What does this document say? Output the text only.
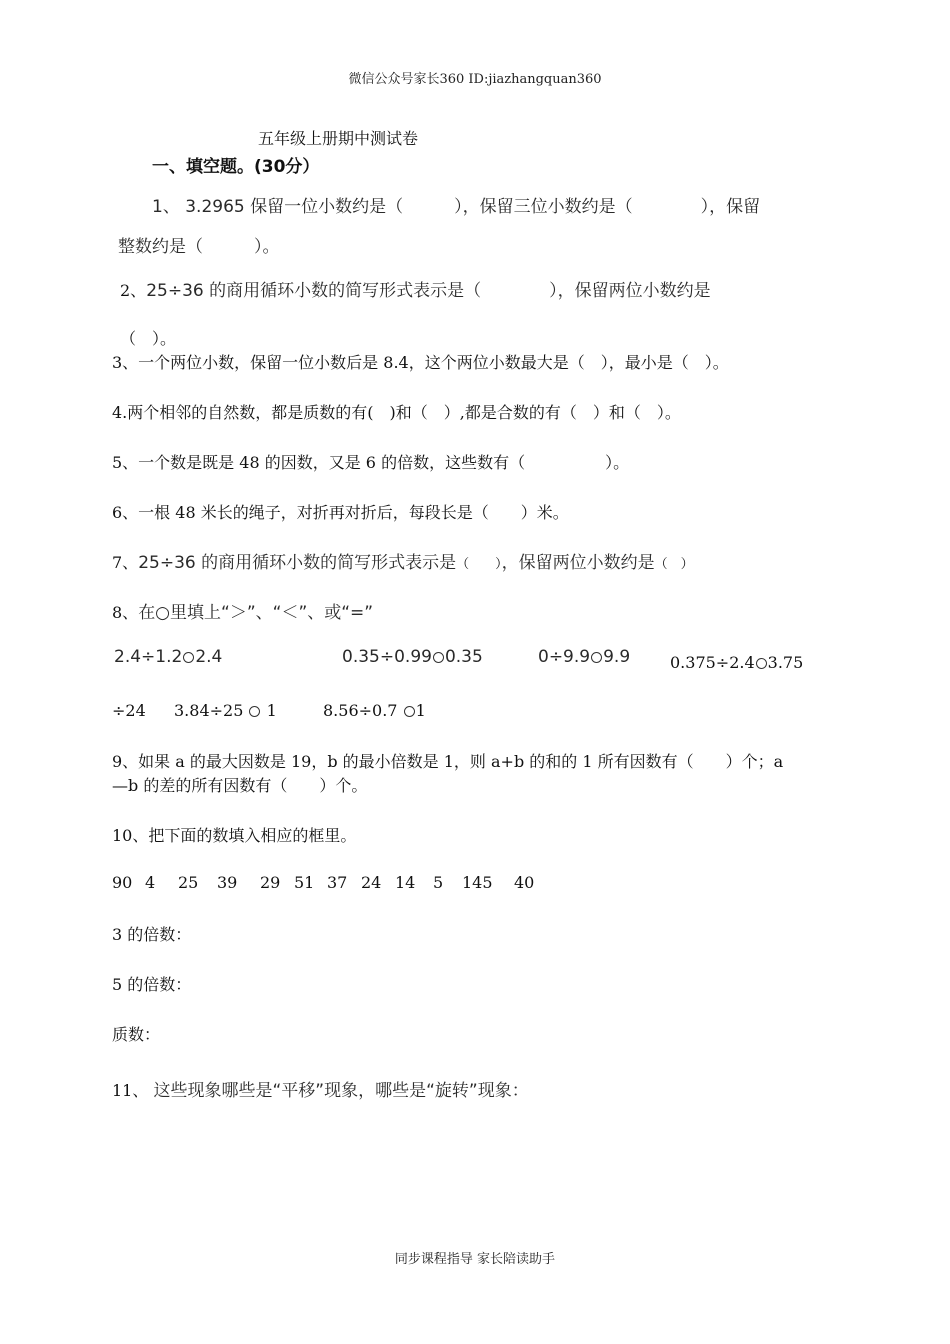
微信公众号家长360 ID:jiazhangquan360
五年级上册期中测试卷
一、填空题。(30分）
1、 3.2965 保留一位小数约是（　　　），保留三位小数约是（　　　　），保留
整数约是（　　　）。
2、25÷36 的商用循环小数的简写形式表示是（　　　　），保留两位小数约是
（　）。
3、一个两位小数，保留一位小数后是 8.4，这个两位小数最大是（　），最小是（　）。
4.两个相邻的自然数，都是质数的有(　)和（　）,都是合数的有（　）和（　）。
5、一个数是既是 48 的因数，又是 6 的倍数，这些数有（　　　　　）。
6、一根 48 米长的绳子，对折再对折后，每段长是（　　）米。
7、25÷36 的商用循环小数的简写形式表示是（　　），保留两位小数约是（　）
8、在○里填上“＞”、“＜”、或“=”
2.4÷1.2 2.4	0.35÷0.99 0.35	0÷9.9 9.9 0.375÷2.4 3.75
÷24 3.84÷25 1	8.56÷0.7 1
9、如果 a 的最大因数是 19，b 的最小倍数是 1，则 a+b 的和的 1 所有因数有（　　）个；a
—b 的差的所有因数有（　　）个。
10、把下面的数填入相应的框里。
90 4 25 39 29 51 37 24 14 5 145 40
3 的倍数：
5 的倍数：
质数：
11、 这些现象哪些是“平移”现象，哪些是“旋转”现象：
同步课程指导 家长陪读助手
